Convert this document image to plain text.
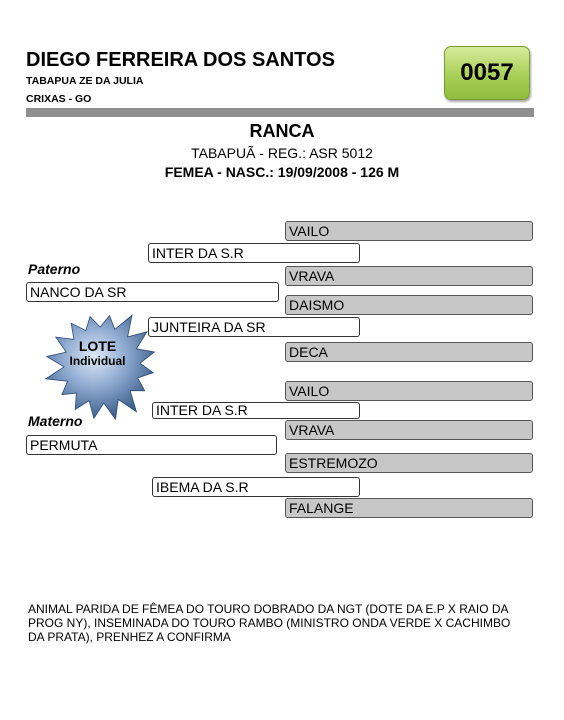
DIEGO FERREIRA DOS SANTOS
TABAPUA ZE DA JULIA
CRIXAS - GO
0057
RANCA
TABAPUÃ - REG.: ASR 5012
FEMEA - NASC.: 19/09/2008 - 126 M
VAILO
INTER DA S.R
Paterno	VRAVA
NANCO DA SR
DAISMO
JUNTEIRA DA SR
DECA
LOTE
Individual
VAILO
INTER DA S.R
Materno
VRAVA
PERMUTA
ESTREMOZO
IBEMA DA S.R
FALANGE
ANIMAL PARIDA DE FÊMEA DO TOURO DOBRADO DA NGT (DOTE DA E.P X RAIO DA PROG NY), INSEMINADA DO TOURO RAMBO (MINISTRO ONDA VERDE X CACHIMBO DA PRATA), PRENHEZ A CONFIRMA
